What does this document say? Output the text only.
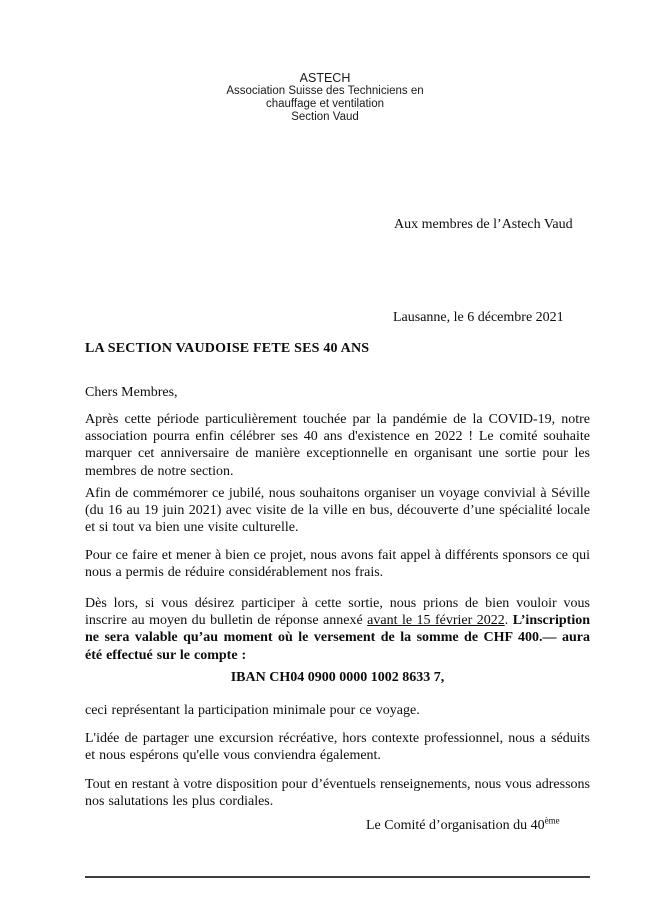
ASTECH
Association Suisse des Techniciens en
chauffage et ventilation
Section Vaud
Aux membres de l’Astech Vaud
Lausanne, le 6 décembre 2021
LA SECTION VAUDOISE FETE SES 40 ANS
Chers Membres,

Après cette période particulièrement touchée par la pandémie de la COVID-19, notre association pourra enfin célébrer ses 40 ans d'existence en 2022 ! Le comité souhaite marquer cet anniversaire de manière exceptionnelle en organisant une sortie pour les membres de notre section.

Afin de commémorer ce jubilé, nous souhaitons organiser un voyage convivial à Séville (du 16 au 19 juin 2021) avec visite de la ville en bus, découverte d’une spécialité locale et si tout va bien une visite culturelle.

Pour ce faire et mener à bien ce projet, nous avons fait appel à différents sponsors ce qui nous a permis de réduire considérablement nos frais.

Dès lors, si vous désirez participer à cette sortie, nous prions de bien vouloir vous inscrire au moyen du bulletin de réponse annexé avant le 15 février 2022. L’inscription ne sera valable qu’au moment où le versement de la somme de CHF 400.— aura été effectué sur le compte :

IBAN CH04 0900 0000 1002 8633 7,

ceci représentant la participation minimale pour ce voyage.

L'idée de partager une excursion récréative, hors contexte professionnel, nous a séduits et nous espérons qu'elle vous conviendra également.

Tout en restant à votre disposition pour d’éventuels renseignements, nous vous adressons nos salutations les plus cordiales.

Le Comité d’organisation du 40ème
